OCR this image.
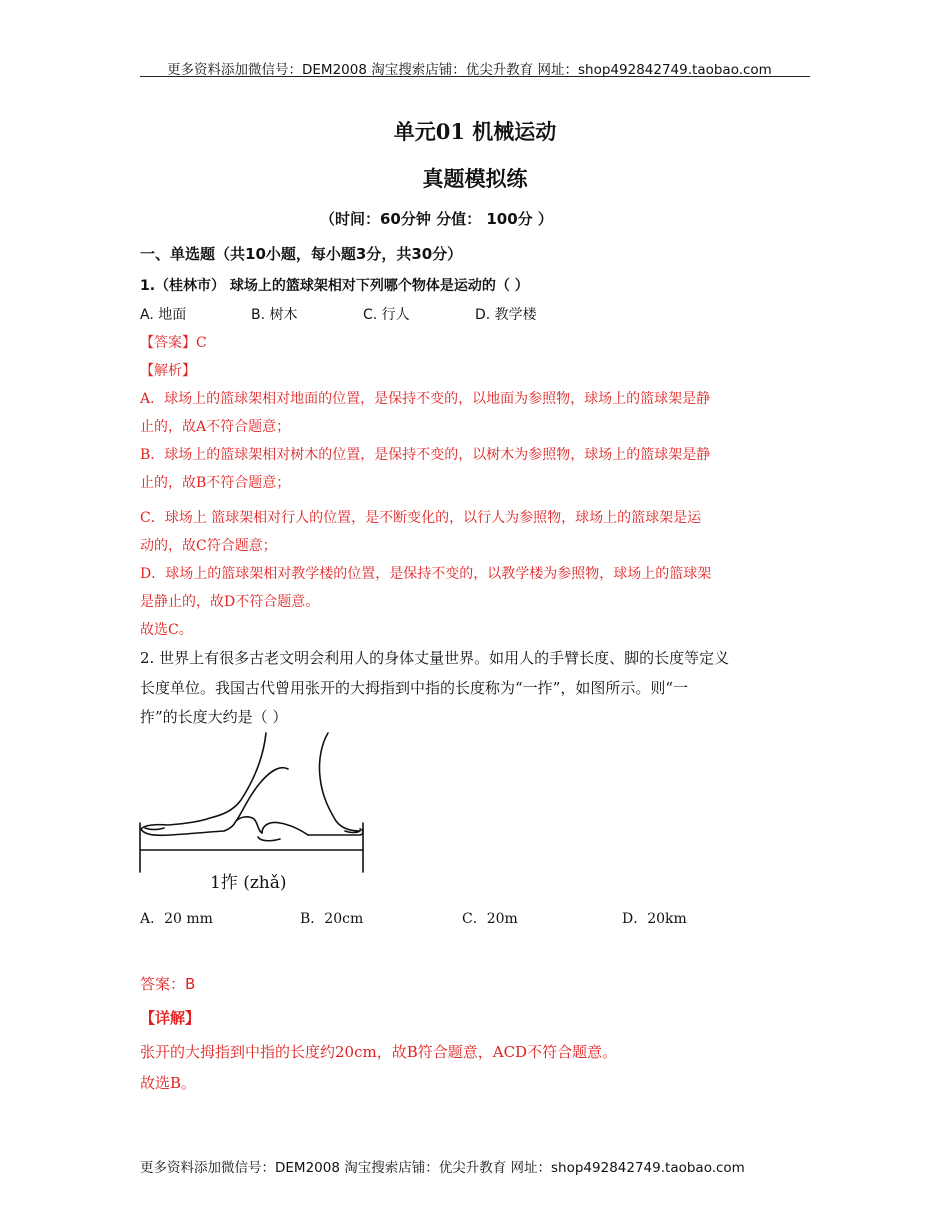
更多资料添加微信号：DEM2008 淘宝搜索店铺：优尖升教育 网址：shop492842749.taobao.com
单元01 机械运动
真题模拟练
（时间：60分钟 分值： 100分 ）
一、单选题（共10小题，每小题3分，共30分）
1.（桂林市） 球场上的篮球架相对下列哪个物体是运动的（ ）
A. 地面	B. 树木	C. 行人	D. 教学楼
【答案】C
【解析】
A．球场上的篮球架相对地面的位置，是保持不变的，以地面为参照物，球场上的篮球架是静
止的，故A不符合题意；
B．球场上的篮球架相对树木的位置，是保持不变的，以树木为参照物，球场上的篮球架是静
止的，故B不符合题意；
C．球场上 篮球架相对行人的位置，是不断变化的，以行人为参照物，球场上的篮球架是运
动的，故C符合题意；
D．球场上的篮球架相对教学楼的位置，是保持不变的，以教学楼为参照物，球场上的篮球架
是静止的，故D不符合题意。
故选C。
2. 世界上有很多古老文明会利用人的身体丈量世界。如用人的手臂长度、脚的长度等定义
长度单位。我国古代曾用张开的大拇指到中指的长度称为“一拃”，如图所示。则“一
拃”的长度大约是（ ）
1拃 (zhǎ)
A．20 mm	B．20cm	C．20m	D．20km
答案：B
【详解】
张开的大拇指到中指的长度约20cm，故B符合题意，ACD不符合题意。
故选B。
更多资料添加微信号：DEM2008 淘宝搜索店铺：优尖升教育 网址：shop492842749.taobao.com
